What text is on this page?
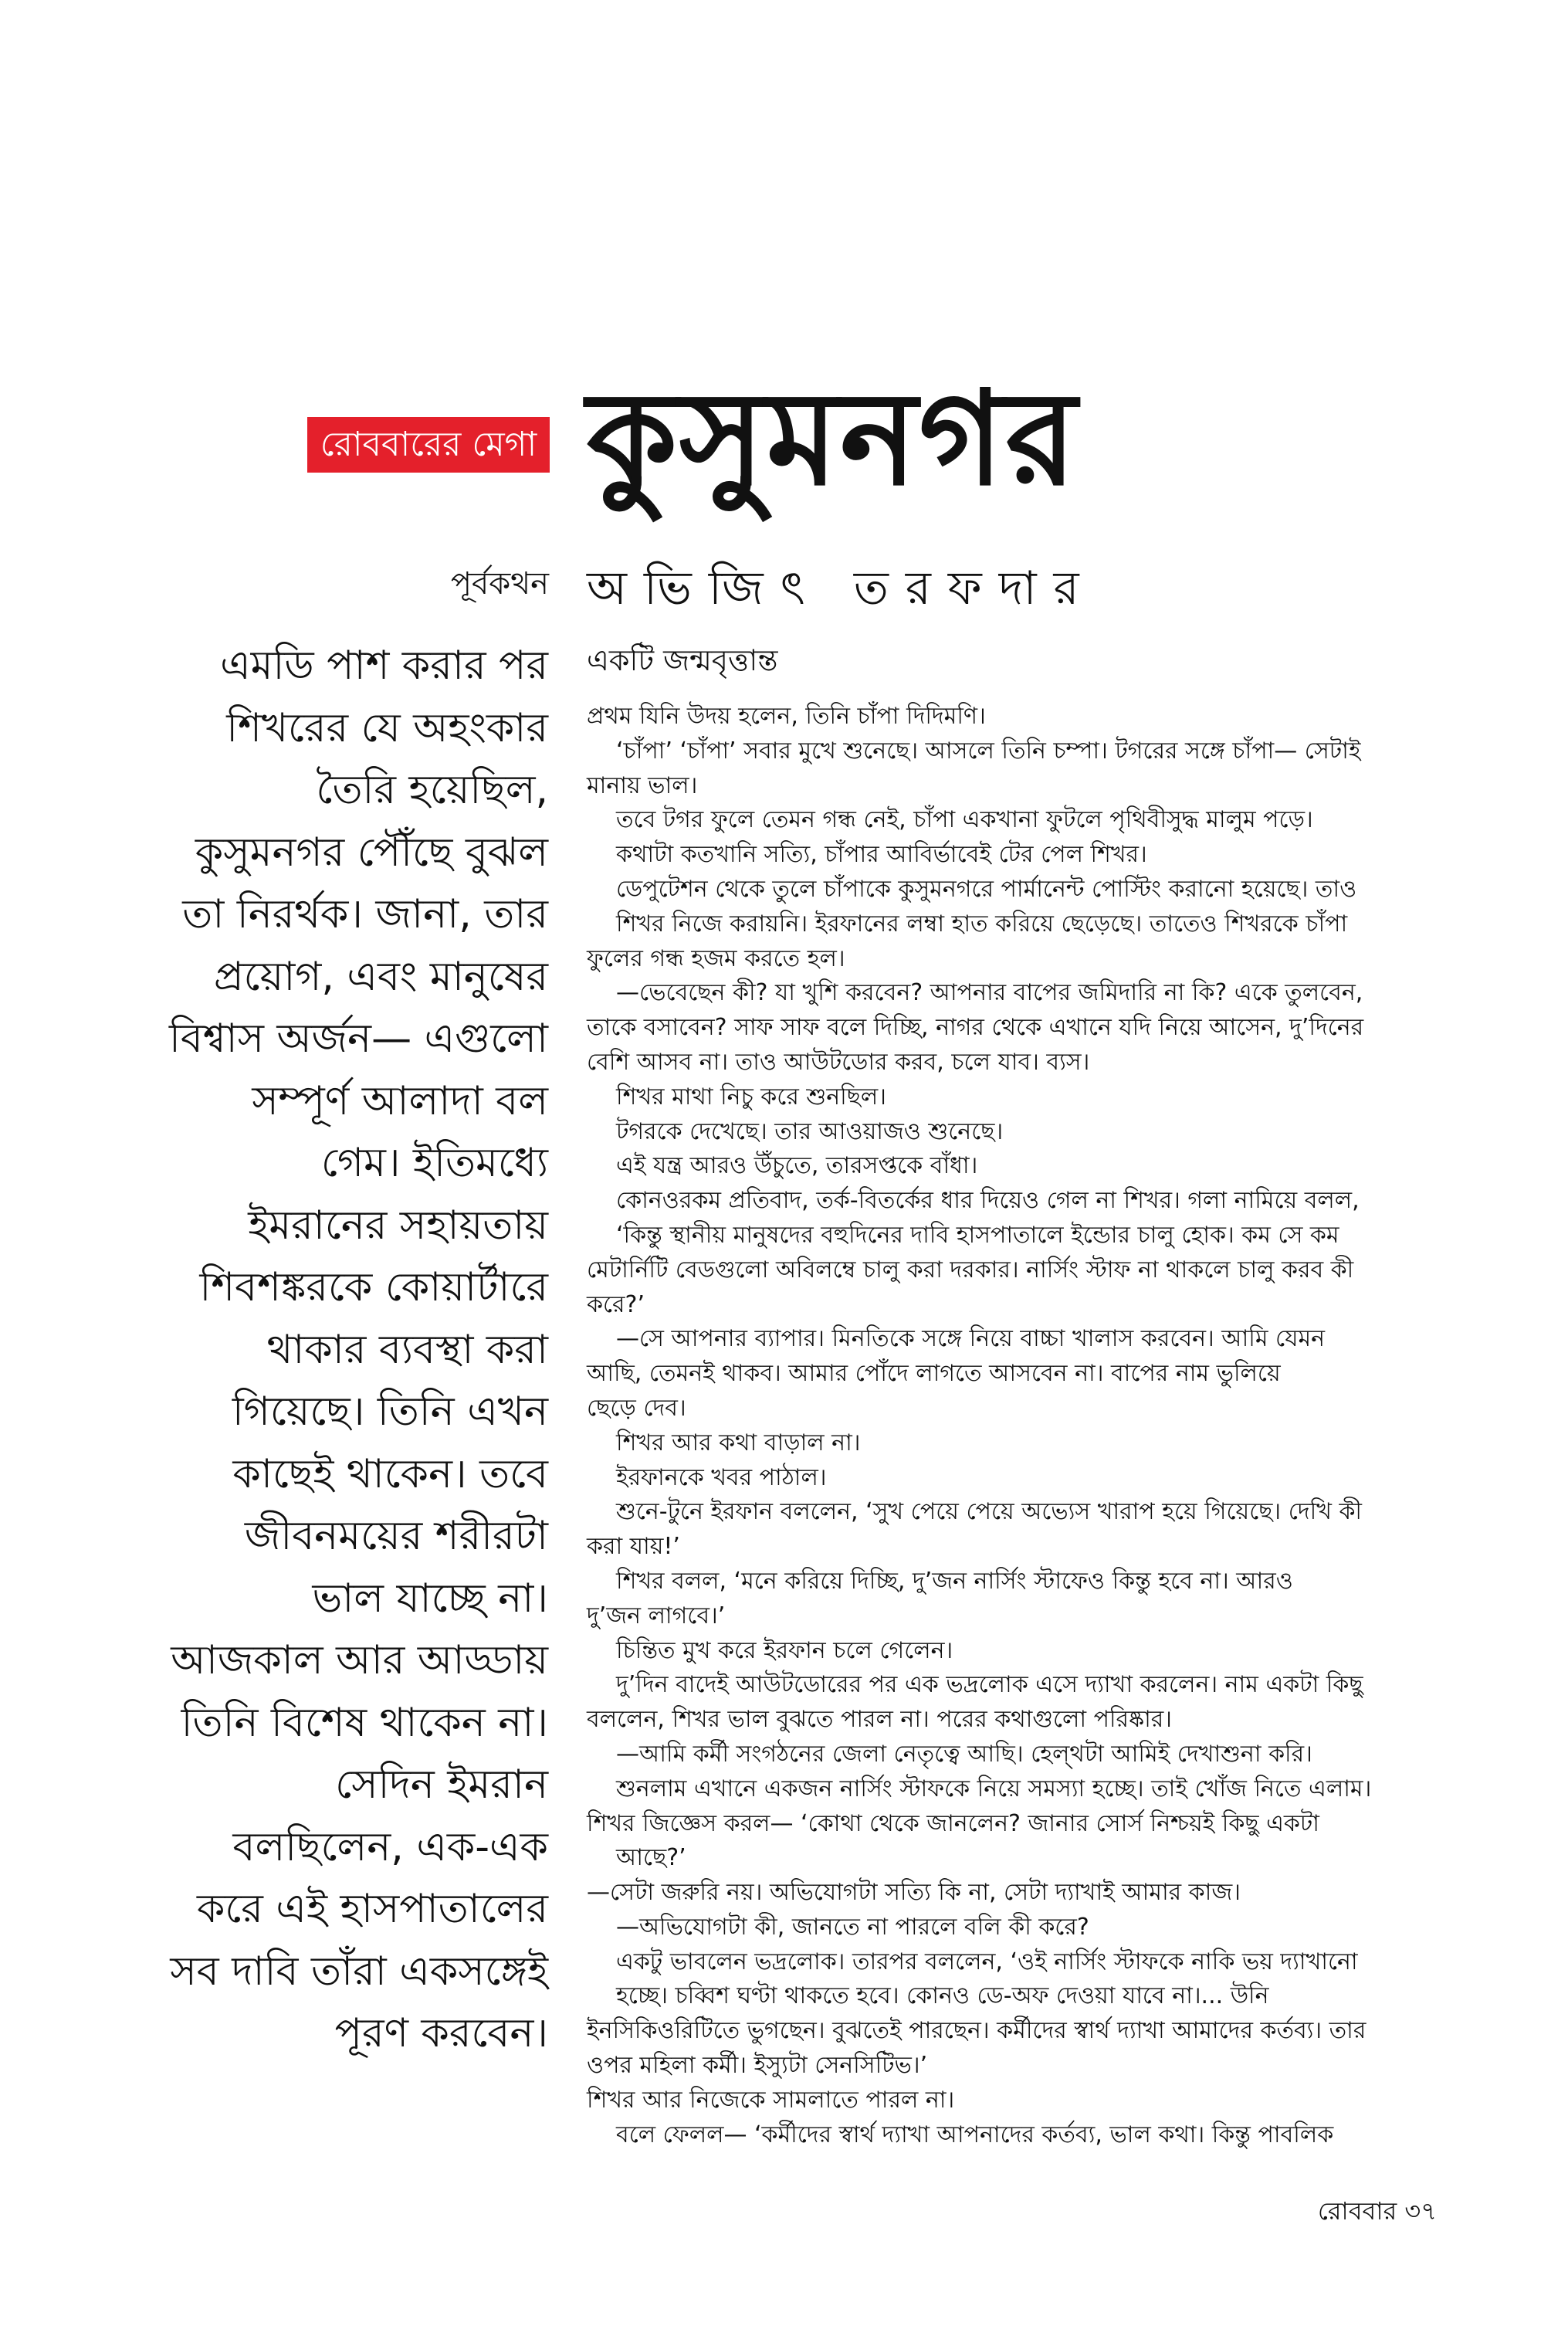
রোববারের মেগা কুসুমনগর
পূর্বকথন অভিজিৎ তরফদার
এমডি পাশ করার পর
শিখরের যে অহংকার
তৈরি হয়েছিল,
কুসুমনগর পৌঁছে বুঝল
তা নিরর্থক। জানা, তার
প্রয়োগ, এবং মানুষের
বিশ্বাস অর্জন— এগুলো
সম্পূর্ণ আলাদা বল
গেম। ইতিমধ্যে
ইমরানের সহায়তায়
শিবশঙ্করকে কোয়ার্টারে
থাকার ব্যবস্থা করা
গিয়েছে। তিনি এখন
কাছেই থাকেন। তবে
জীবনময়ের শরীরটা
ভাল যাচ্ছে না।
আজকাল আর আড্ডায়
তিনি বিশেষ থাকেন না।
সেদিন ইমরান
বলছিলেন, এক-এক
করে এই হাসপাতালের
সব দাবি তাঁরা একসঙ্গেই
পূরণ করবেন।
একটি জন্মবৃত্তান্ত
প্রথম যিনি উদয় হলেন, তিনি চাঁপা দিদিমণি।
‘চাঁপা’ ‘চাঁপা’ সবার মুখে শুনেছে। আসলে তিনি চম্পা। টগরের সঙ্গে চাঁপা— সেটাই
মানায় ভাল।
তবে টগর ফুলে তেমন গন্ধ নেই, চাঁপা একখানা ফুটলে পৃথিবীসুদ্ধ মালুম পড়ে।
কথাটা কতখানি সত্যি, চাঁপার আবির্ভাবেই টের পেল শিখর।
ডেপুটেশন থেকে তুলে চাঁপাকে কুসুমনগরে পার্মানেন্ট পোস্টিং করানো হয়েছে। তাও
শিখর নিজে করায়নি। ইরফানের লম্বা হাত করিয়ে ছেড়েছে। তাতেও শিখরকে চাঁপা
ফুলের গন্ধ হজম করতে হল।
—ভেবেছেন কী? যা খুশি করবেন? আপনার বাপের জমিদারি না কি? একে তুলবেন,
তাকে বসাবেন? সাফ সাফ বলে দিচ্ছি, নাগর থেকে এখানে যদি নিয়ে আসেন, দু’দিনের
বেশি আসব না। তাও আউটডোর করব, চলে যাব। ব্যস।
শিখর মাথা নিচু করে শুনছিল।
টগরকে দেখেছে। তার আওয়াজও শুনেছে।
এই যন্ত্র আরও উঁচুতে, তারসপ্তকে বাঁধা।
কোনওরকম প্রতিবাদ, তর্ক-বিতর্কের ধার দিয়েও গেল না শিখর। গলা নামিয়ে বলল,
‘কিন্তু স্থানীয় মানুষদের বহুদিনের দাবি হাসপাতালে ইন্ডোর চালু হোক। কম সে কম
মেটার্নিটি বেডগুলো অবিলম্বে চালু করা দরকার। নার্সিং স্টাফ না থাকলে চালু করব কী
করে?’
—সে আপনার ব্যাপার। মিনতিকে সঙ্গে নিয়ে বাচ্চা খালাস করবেন। আমি যেমন
আছি, তেমনই থাকব। আমার পোঁদে লাগতে আসবেন না। বাপের নাম ভুলিয়ে
ছেড়ে দেব।
শিখর আর কথা বাড়াল না।
ইরফানকে খবর পাঠাল।
শুনে-টুনে ইরফান বললেন, ‘সুখ পেয়ে পেয়ে অভ্যেস খারাপ হয়ে গিয়েছে। দেখি কী
করা যায়!’
শিখর বলল, ‘মনে করিয়ে দিচ্ছি, দু’জন নার্সিং স্টাফেও কিন্তু হবে না। আরও
দু’জন লাগবে।’
চিন্তিত মুখ করে ইরফান চলে গেলেন।
দু’দিন বাদেই আউটডোরের পর এক ভদ্রলোক এসে দ্যাখা করলেন। নাম একটা কিছু
বললেন, শিখর ভাল বুঝতে পারল না। পরের কথাগুলো পরিষ্কার।
—আমি কর্মী সংগঠনের জেলা নেতৃত্বে আছি। হেল্‌থটা আমিই দেখাশুনা করি।
শুনলাম এখানে একজন নার্সিং স্টাফকে নিয়ে সমস্যা হচ্ছে। তাই খোঁজ নিতে এলাম।
শিখর জিজ্ঞেস করল— ‘কোথা থেকে জানলেন? জানার সোর্স নিশ্চয়ই কিছু একটা
আছে?’
—সেটা জরুরি নয়। অভিযোগটা সত্যি কি না, সেটা দ্যাখাই আমার কাজ।
—অভিযোগটা কী, জানতে না পারলে বলি কী করে?
একটু ভাবলেন ভদ্রলোক। তারপর বললেন, ‘ওই নার্সিং স্টাফকে নাকি ভয় দ্যাখানো
হচ্ছে। চব্বিশ ঘণ্টা থাকতে হবে। কোনও ডে-অফ দেওয়া যাবে না।... উনি
ইনসিকিওরিটিতে ভুগছেন। বুঝতেই পারছেন। কর্মীদের স্বার্থ দ্যাখা আমাদের কর্তব্য। তার
ওপর মহিলা কর্মী। ইস্যুটা সেনসিটিভ।’
শিখর আর নিজেকে সামলাতে পারল না।
বলে ফেলল— ‘কর্মীদের স্বার্থ দ্যাখা আপনাদের কর্তব্য, ভাল কথা। কিন্তু পাবলিক
রোববার ৩৭
